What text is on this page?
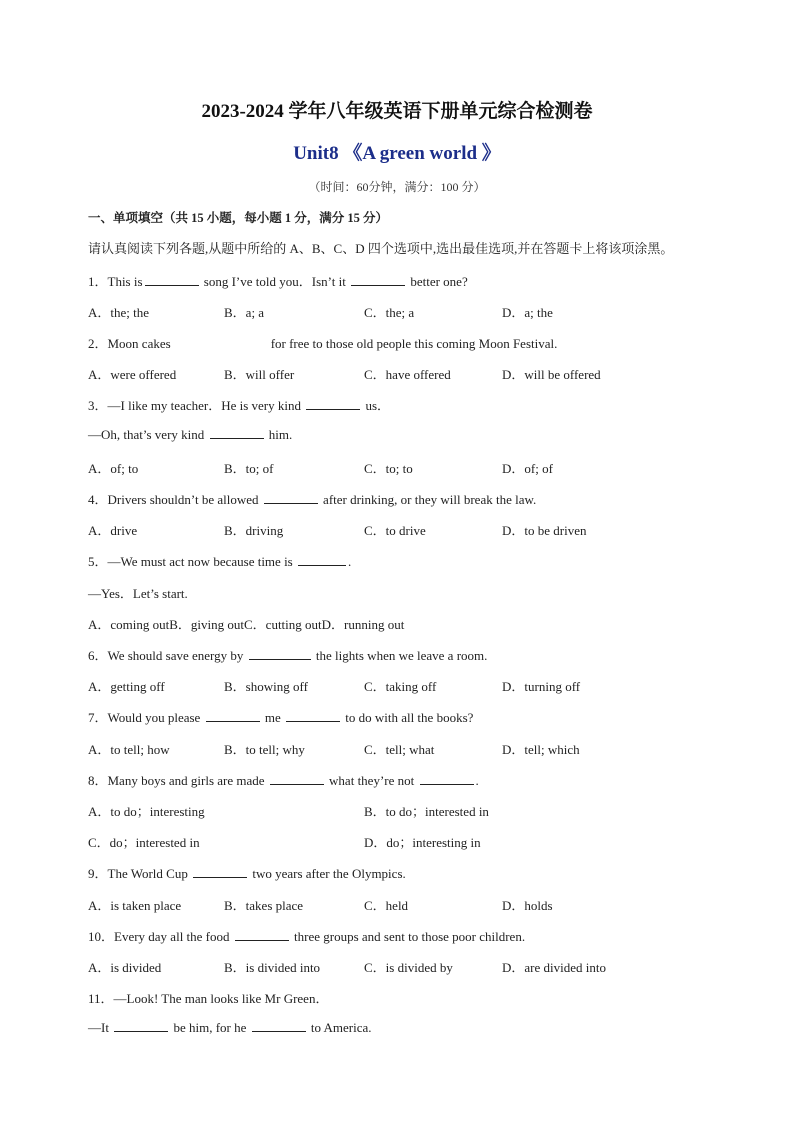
2023-2024 学年八年级英语下册单元综合检测卷
Unit8 《A green world 》
（时间：60分钟，满分：100 分）
一、单项填空（共 15 小题，每小题 1 分，满分 15 分）
请认真阅读下列各题,从题中所给的 A、B、C、D 四个选项中,选出最佳选项,并在答题卡上将该项涂黑。
1．This is	song I’ve told you．Isn’t it	better one?
A．the; the	B．a; a	C．the; a	D．a; the
2．Moon cakes	for free to those old people this coming Moon Festival.
A．were offered	B．will offer	C．have offered	D．will be offered
3．—I like my teacher．He is very kind	us．
—Oh, that’s very kind	him.
A．of; to	B．to; of	C．to; to	D．of; of
4．Drivers shouldn’t be allowed	after drinking, or they will break the law.
A．drive	B．driving	C．to drive	D．to be driven
5．—We must act now because time is	.
—Yes．Let’s start.
A．coming outB．giving outC．cutting outD．running out
6．We should save energy by	the lights when we leave a room.
A．getting off	B．showing off	C．taking off	D．turning off
7．Would you please	me	to do with all the books?
A．to tell; how	B．to tell; why	C．tell; what	D．tell; which
8．Many boys and girls are made	what they’re not	.
A．to do；interesting	B．to do；interested in
C．do；interested in	D．do；interesting in
9．The World Cup	two years after the Olympics.
A．is taken place	B．takes place	C．held	D．holds
10．Every day all the food	three groups and sent to those poor children.
A．is divided	B．is divided into	C．is divided by	D．are divided into
11．—Look! The man looks like Mr Green．
—It	be him, for he	to America.
